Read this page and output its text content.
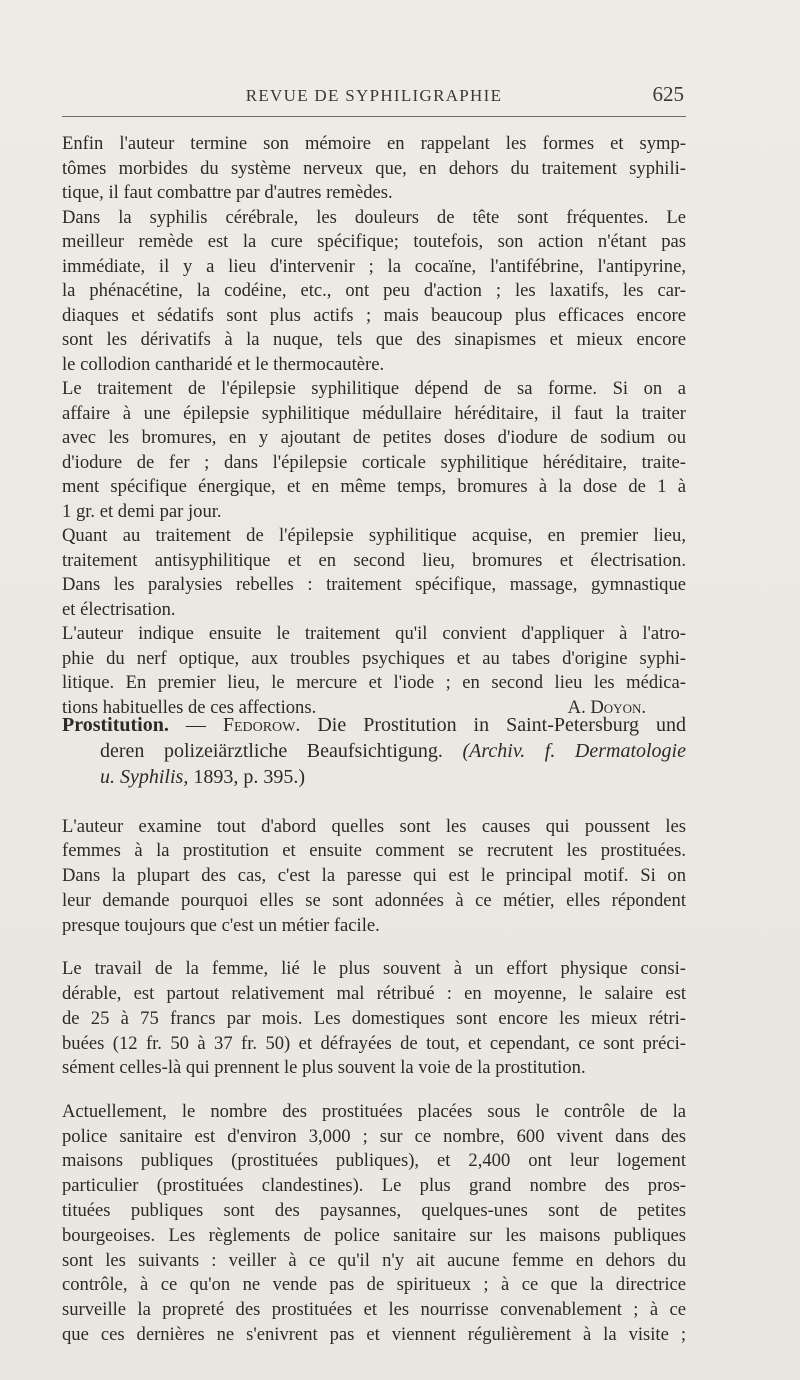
REVUE DE SYPHILIGRAPHIE	625

Enfin l'auteur termine son mémoire en rappelant les formes et symp-
tômes morbides du système nerveux que, en dehors du traitement syphili-
tique, il faut combattre par d'autres remèdes.

Dans la syphilis cérébrale, les douleurs de tête sont fréquentes. Le
meilleur remède est la cure spécifique; toutefois, son action n'étant pas
immédiate, il y a lieu d'intervenir ; la cocaïne, l'antifébrine, l'antipyrine,
la phénacétine, la codéine, etc., ont peu d'action ; les laxatifs, les car-
diaques et sédatifs sont plus actifs ; mais beaucoup plus efficaces encore
sont les dérivatifs à la nuque, tels que des sinapismes et mieux encore
le collodion cantharidé et le thermocautère.

Le traitement de l'épilepsie syphilitique dépend de sa forme. Si on a
affaire à une épilepsie syphilitique médullaire héréditaire, il faut la traiter
avec les bromures, en y ajoutant de petites doses d'iodure de sodium ou
d'iodure de fer ; dans l'épilepsie corticale syphilitique héréditaire, traite-
ment spécifique énergique, et en même temps, bromures à la dose de 1 à
1 gr. et demi par jour.

Quant au traitement de l'épilepsie syphilitique acquise, en premier lieu,
traitement antisyphilitique et en second lieu, bromures et électrisation.
Dans les paralysies rebelles : traitement spécifique, massage, gymnastique
et électrisation.

L'auteur indique ensuite le traitement qu'il convient d'appliquer à l'atro-
phie du nerf optique, aux troubles psychiques et au tabes d'origine syphi-
litique. En premier lieu, le mercure et l'iode ; en second lieu les médica-
tions habituelles de ces affections.	A. Doyon.

Prostitution. — Fedorow. Die Prostitution in Saint-Petersburg und
deren polizeiärztliche Beaufsichtigung. (Archiv. f. Dermatologie
u. Syphilis, 1893, p. 395.)

L'auteur examine tout d'abord quelles sont les causes qui poussent les
femmes à la prostitution et ensuite comment se recrutent les prostituées.
Dans la plupart des cas, c'est la paresse qui est le principal motif. Si on
leur demande pourquoi elles se sont adonnées à ce métier, elles répondent
presque toujours que c'est un métier facile.

Le travail de la femme, lié le plus souvent à un effort physique consi-
dérable, est partout relativement mal rétribué : en moyenne, le salaire est
de 25 à 75 francs par mois. Les domestiques sont encore les mieux rétri-
buées (12 fr. 50 à 37 fr. 50) et défrayées de tout, et cependant, ce sont préci-
sément celles-là qui prennent le plus souvent la voie de la prostitution.

Actuellement, le nombre des prostituées placées sous le contrôle de la
police sanitaire est d'environ 3,000 ; sur ce nombre, 600 vivent dans des
maisons publiques (prostituées publiques), et 2,400 ont leur logement
particulier (prostituées clandestines). Le plus grand nombre des pros-
tituées publiques sont des paysannes, quelques-unes sont de petites
bourgeoises. Les règlements de police sanitaire sur les maisons publiques
sont les suivants : veiller à ce qu'il n'y ait aucune femme en dehors du
contrôle, à ce qu'on ne vende pas de spiritueux ; à ce que la directrice
surveille la propreté des prostituées et les nourrisse convenablement ; à ce
que ces dernières ne s'enivrent pas et viennent régulièrement à la visite ;
